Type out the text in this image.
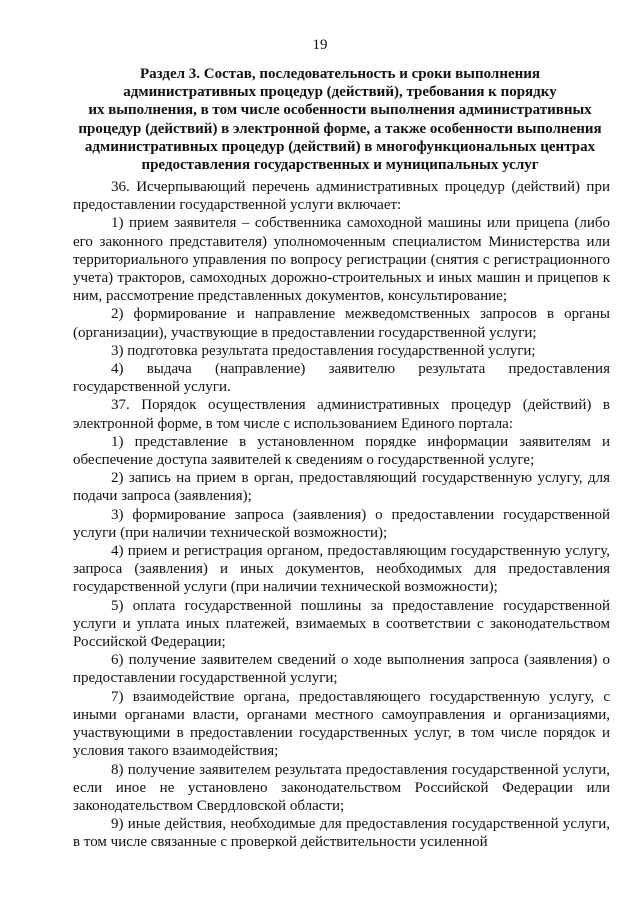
19
Раздел 3. Состав, последовательность и сроки выполнения
административных процедур (действий), требования к порядку
их выполнения, в том числе особенности выполнения административных
процедур (действий) в электронной форме, а также особенности выполнения
административных процедур (действий) в многофункциональных центрах
предоставления государственных и муниципальных услуг

36. Исчерпывающий перечень административных процедур (действий) при предоставлении государственной услуги включает:

1) прием заявителя – собственника самоходной машины или прицепа (либо его законного представителя) уполномоченным специалистом Министерства или территориального управления по вопросу регистрации (снятия с регистрационного учета) тракторов, самоходных дорожно-строительных и иных машин и прицепов к ним, рассмотрение представленных документов, консультирование;

2) формирование и направление межведомственных запросов в органы (организации), участвующие в предоставлении государственной услуги;

3) подготовка результата предоставления государственной услуги;

4) выдача (направление) заявителю результата предоставления государственной услуги.

37. Порядок осуществления административных процедур (действий) в электронной форме, в том числе с использованием Единого портала:

1) представление в установленном порядке информации заявителям и обеспечение доступа заявителей к сведениям о государственной услуге;

2) запись на прием в орган, предоставляющий государственную услугу, для подачи запроса (заявления);

3) формирование запроса (заявления) о предоставлении государственной услуги (при наличии технической возможности);

4) прием и регистрация органом, предоставляющим государственную услугу, запроса (заявления) и иных документов, необходимых для предоставления государственной услуги (при наличии технической возможности);

5) оплата государственной пошлины за предоставление государственной услуги и уплата иных платежей, взимаемых в соответствии с законодательством Российской Федерации;

6) получение заявителем сведений о ходе выполнения запроса (заявления) о предоставлении государственной услуги;

7) взаимодействие органа, предоставляющего государственную услугу, с иными органами власти, органами местного самоуправления и организациями, участвующими в предоставлении государственных услуг, в том числе порядок и условия такого взаимодействия;

8) получение заявителем результата предоставления государственной услуги, если иное не установлено законодательством Российской Федерации или законодательством Свердловской области;

9) иные действия, необходимые для предоставления государственной услуги, в том числе связанные с проверкой действительности усиленной
